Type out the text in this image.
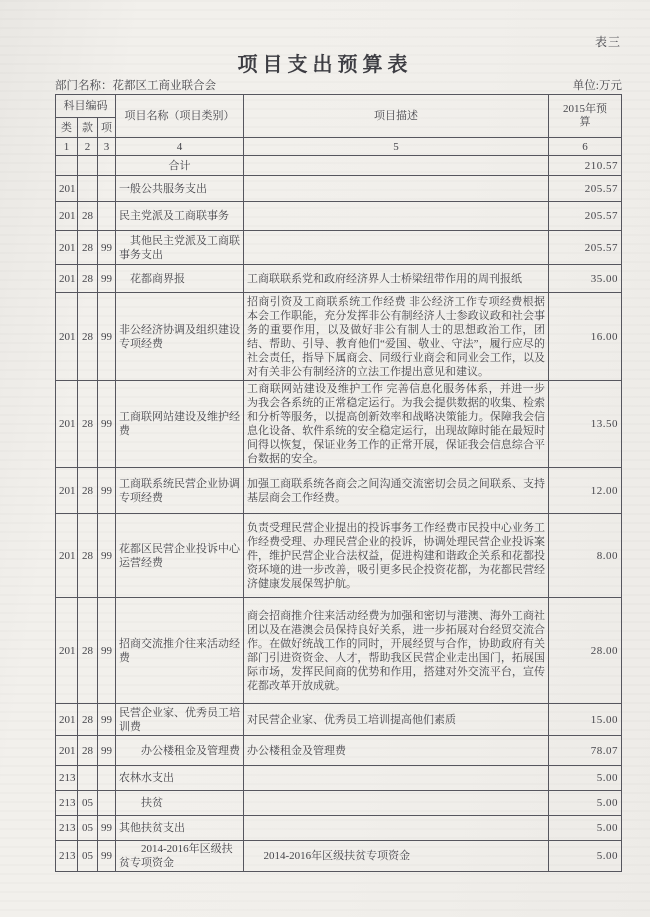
表三
项目支出预算表
部门名称：花都区工商业联合会	单位:万元
科目编码			项目名称（项目类别）	项目描述	2015年预算
类	款	项			
1	2	3	4	5	6
			合计		210.57
201			一般公共服务支出		205.57
201	28		民主党派及工商联事务		205.57
201	28	99	其他民主党派及工商联事务支出		205.57
201	28	99	花都商界报	工商联联系党和政府经济界人士桥梁纽带作用的周刊报纸	35.00
201	28	99	非公经济协调及组织建设专项经费	招商引资及工商联系统工作经费 非公经济工作专项经费根据本会工作职能，充分发挥非公有制经济人士参政议政和社会事务的重要作用，以及做好非公有制人士的思想政治工作，团结、帮助、引导、教育他们“爱国、敬业、守法”，履行应尽的社会责任，指导下属商会、同级行业商会和同业会工作，以及对有关非公有制经济的立法工作提出意见和建议。	16.00
201	28	99	工商联网站建设及维护经费	工商联网站建设及维护工作 完善信息化服务体系，并进一步为我会各系统的正常稳定运行。为我会提供数据的收集、检索和分析等服务，以提高创新效率和战略决策能力。保障我会信息化设备、软件系统的安全稳定运行，出现故障时能在最短时间得以恢复，保证业务工作的正常开展，保证我会信息综合平台数据的安全。	13.50
201	28	99	工商联系统民营企业协调专项经费	加强工商联系统各商会之间沟通交流密切会员之间联系、支持基层商会工作经费。	12.00
201	28	99	花都区民营企业投诉中心运营经费	负责受理民营企业提出的投诉事务工作经费市民投中心业务工作经费受理、办理民营企业的投诉，协调处理民营企业投诉案件，维护民营企业合法权益，促进构建和谐政企关系和花都投资环境的进一步改善，吸引更多民企投资花都，为花都民营经济健康发展保驾护航。	8.00
201	28	99	招商交流推介往来活动经费	商会招商推介往来活动经费为加强和密切与港澳、海外工商社团以及在港澳会员保持良好关系，进一步拓展对台经贸交流合作。在做好统战工作的同时，开展经贸与合作，协助政府有关部门引进资资金、人才，帮助我区民营企业走出国门，拓展国际市场，发挥民间商的优势和作用，搭建对外交流平台，宣传花都改革开放成就。	28.00
201	28	99	民营企业家、优秀员工培训费	对民营企业家、优秀员工培训提高他们素质	15.00
201	28	99	办公楼租金及管理费	办公楼租金及管理费	78.07
213			农林水支出		5.00
213	05		扶贫		5.00
213	05	99	其他扶贫支出		5.00
213	05	99	2014-2016年区级扶贫专项资金	2014-2016年区级扶贫专项资金	5.00
